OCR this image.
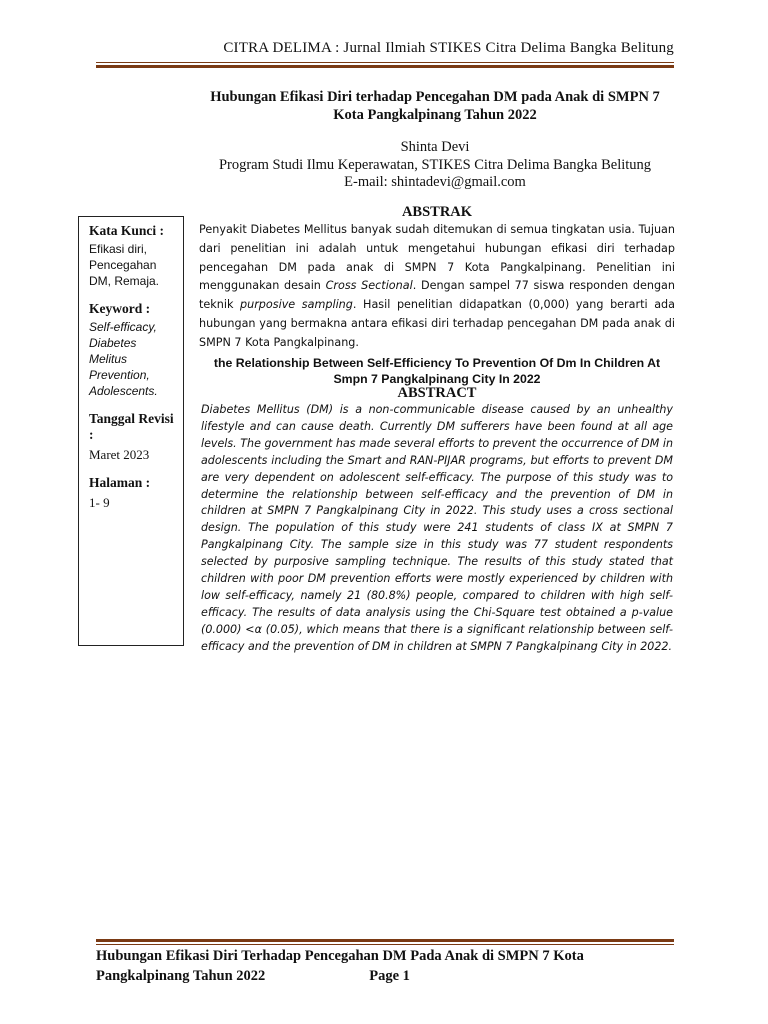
CITRA DELIMA : Jurnal Ilmiah STIKES Citra Delima Bangka Belitung
Hubungan Efikasi Diri terhadap Pencegahan DM pada Anak di SMPN 7
Kota Pangkalpinang Tahun 2022
Shinta Devi
Program Studi Ilmu Keperawatan, STIKES Citra Delima Bangka Belitung
E-mail: shintadevi@gmail.com
ABSTRAK

Kata Kunci :

Efikasi diri,
Pencegahan
DM, Remaja.

Keyword :

Self-efficacy,
Diabetes
Melitus
Prevention,
Adolescents.

Tanggal Revisi
:

Maret 2023

Halaman :

1- 9

Penyakit Diabetes Mellitus banyak sudah ditemukan di semua tingkatan usia. Tujuan dari penelitian ini adalah untuk mengetahui hubungan efikasi diri terhadap pencegahan DM pada anak di SMPN 7 Kota Pangkalpinang. Penelitian ini menggunakan desain Cross Sectional. Dengan sampel 77 siswa responden dengan teknik purposive sampling. Hasil penelitian didapatkan (0,000) yang berarti ada hubungan yang bermakna antara efikasi diri terhadap pencegahan DM pada anak di SMPN 7 Kota Pangkalpinang.
the Relationship Between Self-Efficiency To Prevention Of Dm In Children At
Smpn 7 Pangkalpinang City In 2022
ABSTRACT
Diabetes Mellitus (DM) is a non-communicable disease caused by an unhealthy lifestyle and can cause death. Currently DM sufferers have been found at all age levels. The government has made several efforts to prevent the occurrence of DM in adolescents including the Smart and RAN-PIJAR programs, but efforts to prevent DM are very dependent on adolescent self-efficacy. The purpose of this study was to determine the relationship between self-efficacy and the prevention of DM in children at SMPN 7 Pangkalpinang City in 2022. This study uses a cross sectional design. The population of this study were 241 students of class IX at SMPN 7 Pangkalpinang City. The sample size in this study was 77 student respondents selected by purposive sampling technique. The results of this study stated that children with poor DM prevention efforts were mostly experienced by children with low self-efficacy, namely 21 (80.8%) people, compared to children with high self-efficacy. The results of data analysis using the Chi-Square test obtained a p-value (0.000) <α (0.05), which means that there is a significant relationship between self-efficacy and the prevention of DM in children at SMPN 7 Pangkalpinang City in 2022.
Hubungan Efikasi Diri Terhadap Pencegahan DM Pada Anak di SMPN 7 Kota
Pangkalpinang Tahun 2022	Page 1
